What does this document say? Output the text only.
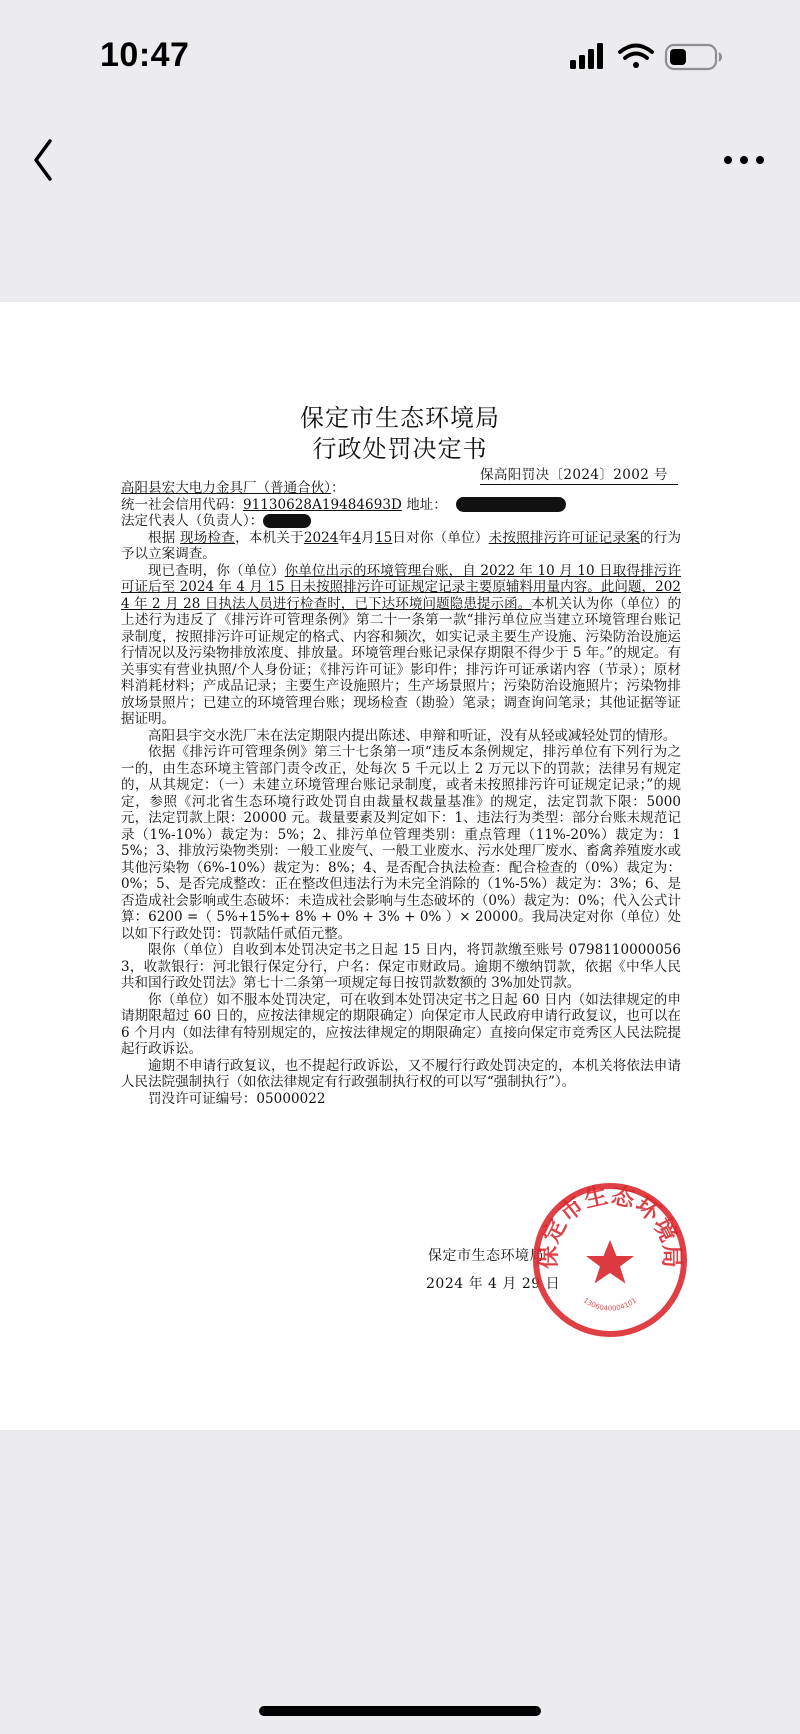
10:47
保定市生态环境局
行政处罚决定书
保高阳罚决〔2024〕2002 号

高阳县宏大电力金具厂（普通合伙）：

统一社会信用代码：91130628A19484693D 地址：

法定代表人（负责人）：

根据 现场检查，本机关于2024年4月15日对你（单位）未按照排污许可证记录案的行为予以立案调查。

现已查明，你（单位）你单位出示的环境管理台账，自 2022 年 10 月 10 日取得排污许可证后至 2024 年 4 月 15 日未按照排污许可证规定记录主要原辅料用量内容。此问题，2024 年 2 月 28 日执法人员进行检查时，已下达环境问题隐患提示函。本机关认为你（单位）的上述行为违反了《排污许可管理条例》第二十一条第一款“排污单位应当建立环境管理台账记录制度，按照排污许可证规定的格式、内容和频次，如实记录主要生产设施、污染防治设施运行情况以及污染物排放浓度、排放量。环境管理台账记录保存期限不得少于 5 年。”的规定。有关事实有营业执照/个人身份证；《排污许可证》影印件；排污许可证承诺内容（节录）；原材料消耗材料；产成品记录；主要生产设施照片；生产场景照片；污染防治设施照片；污染物排放场景照片；已建立的环境管理台账；现场检查（勘验）笔录；调查询问笔录；其他证据等证据证明。

高阳县宇交水洗厂未在法定期限内提出陈述、申辩和听证，没有从轻或减轻处罚的情形。

依据《排污许可管理条例》第三十七条第一项“违反本条例规定，排污单位有下列行为之一的，由生态环境主管部门责令改正，处每次 5 千元以上 2 万元以下的罚款；法律另有规定的，从其规定：（一）未建立环境管理台账记录制度，或者未按照排污许可证规定记录；”的规定，参照《河北省生态环境行政处罚自由裁量权裁量基准》的规定，法定罚款下限：5000 元，法定罚款上限：20000 元。裁量要素及判定如下：1、违法行为类型：部分台账未规范记录（1%-10%）裁定为：5%；2、排污单位管理类别：重点管理（11%-20%）裁定为：15%；3、排放污染物类别：一般工业废气、一般工业废水、污水处理厂废水、畜禽养殖废水或其他污染物（6%-10%）裁定为：8%；4、是否配合执法检查：配合检查的（0%）裁定为：0%；5、是否完成整改：正在整改但违法行为未完全消除的（1%-5%）裁定为：3%；6、是否造成社会影响或生态破坏：未造成社会影响与生态破坏的（0%）裁定为：0%；代入公式计算：6200 =（ 5%+15%+ 8% + 0% + 3% + 0% ）× 20000。我局决定对你（单位）处以如下行政处罚：罚款陆仟贰佰元整。

限你（单位）自收到本处罚决定书之日起 15 日内，将罚款缴至账号 07981100000563，收款银行：河北银行保定分行，户名：保定市财政局。逾期不缴纳罚款，依据《中华人民共和国行政处罚法》第七十二条第一项规定每日按罚款数额的 3%加处罚款。

你（单位）如不服本处罚决定，可在收到本处罚决定书之日起 60 日内（如法律规定的申请期限超过 60 日的，应按法律规定的期限确定）向保定市人民政府申请行政复议，也可以在 6 个月内（如法律有特别规定的，应按法律规定的期限确定）直接向保定市竞秀区人民法院提起行政诉讼。

逾期不申请行政复议，也不提起行政诉讼，又不履行行政处罚决定的，本机关将依法申请人民法院强制执行（如依法律规定有行政强制执行权的可以写“强制执行”）。

罚没许可证编号：05000022

保定市生态环境局
2024 年 4 月 29 日
保定市生态环境局
1306040004101
